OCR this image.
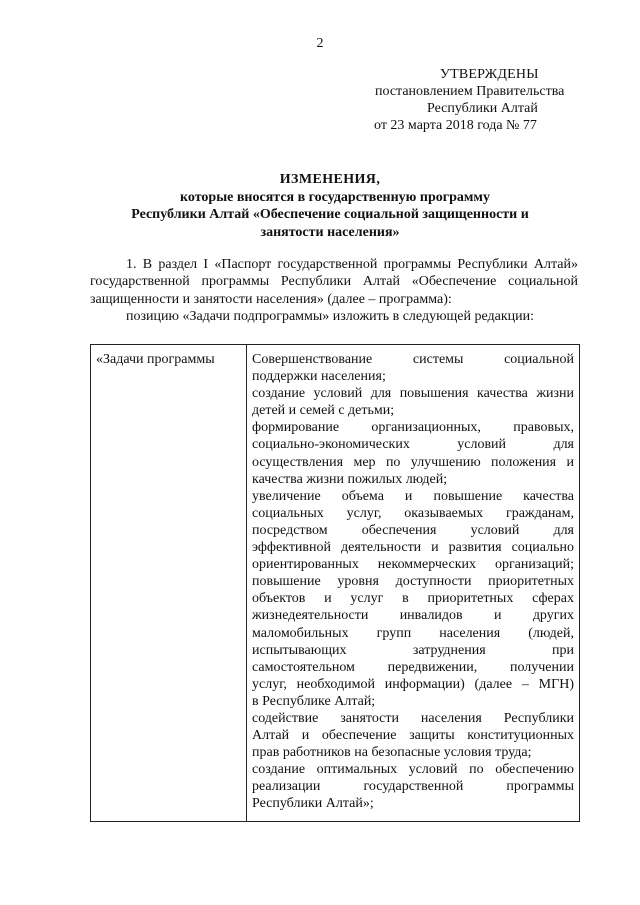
2
УТВЕРЖДЕНЫ
постановлением Правительства
Республики Алтай
от 23 марта 2018 года № 77
ИЗМЕНЕНИЯ,
которые вносятся в государственную программу
Республики Алтай «Обеспечение социальной защищенности и
занятости населения»
1. В раздел I «Паспорт государственной программы Республики Алтай» государственной программы Республики Алтай «Обеспечение социальной защищенности и занятости населения» (далее – программа):
позицию «Задачи подпрограммы» изложить в следующей редакции:
«Задачи программы	Совершенствование системы социальной
поддержки населения;
создание условий для повышения качества жизни
детей и семей с детьми;
формирование организационных, правовых,
социально-экономических условий для
осуществления мер по улучшению положения и
качества жизни пожилых людей;
увеличение объема и повышение качества
социальных услуг, оказываемых гражданам,
посредством обеспечения условий для
эффективной деятельности и развития социально
ориентированных некоммерческих организаций;
повышение уровня доступности приоритетных
объектов и услуг в приоритетных сферах
жизнедеятельности инвалидов и других
маломобильных групп населения (людей,
испытывающих затруднения при
самостоятельном передвижении, получении
услуг, необходимой информации) (далее – МГН)
в Республике Алтай;
содействие занятости населения Республики
Алтай и обеспечение защиты конституционных
прав работников на безопасные условия труда;
создание оптимальных условий по обеспечению
реализации государственной программы
Республики Алтай»;
